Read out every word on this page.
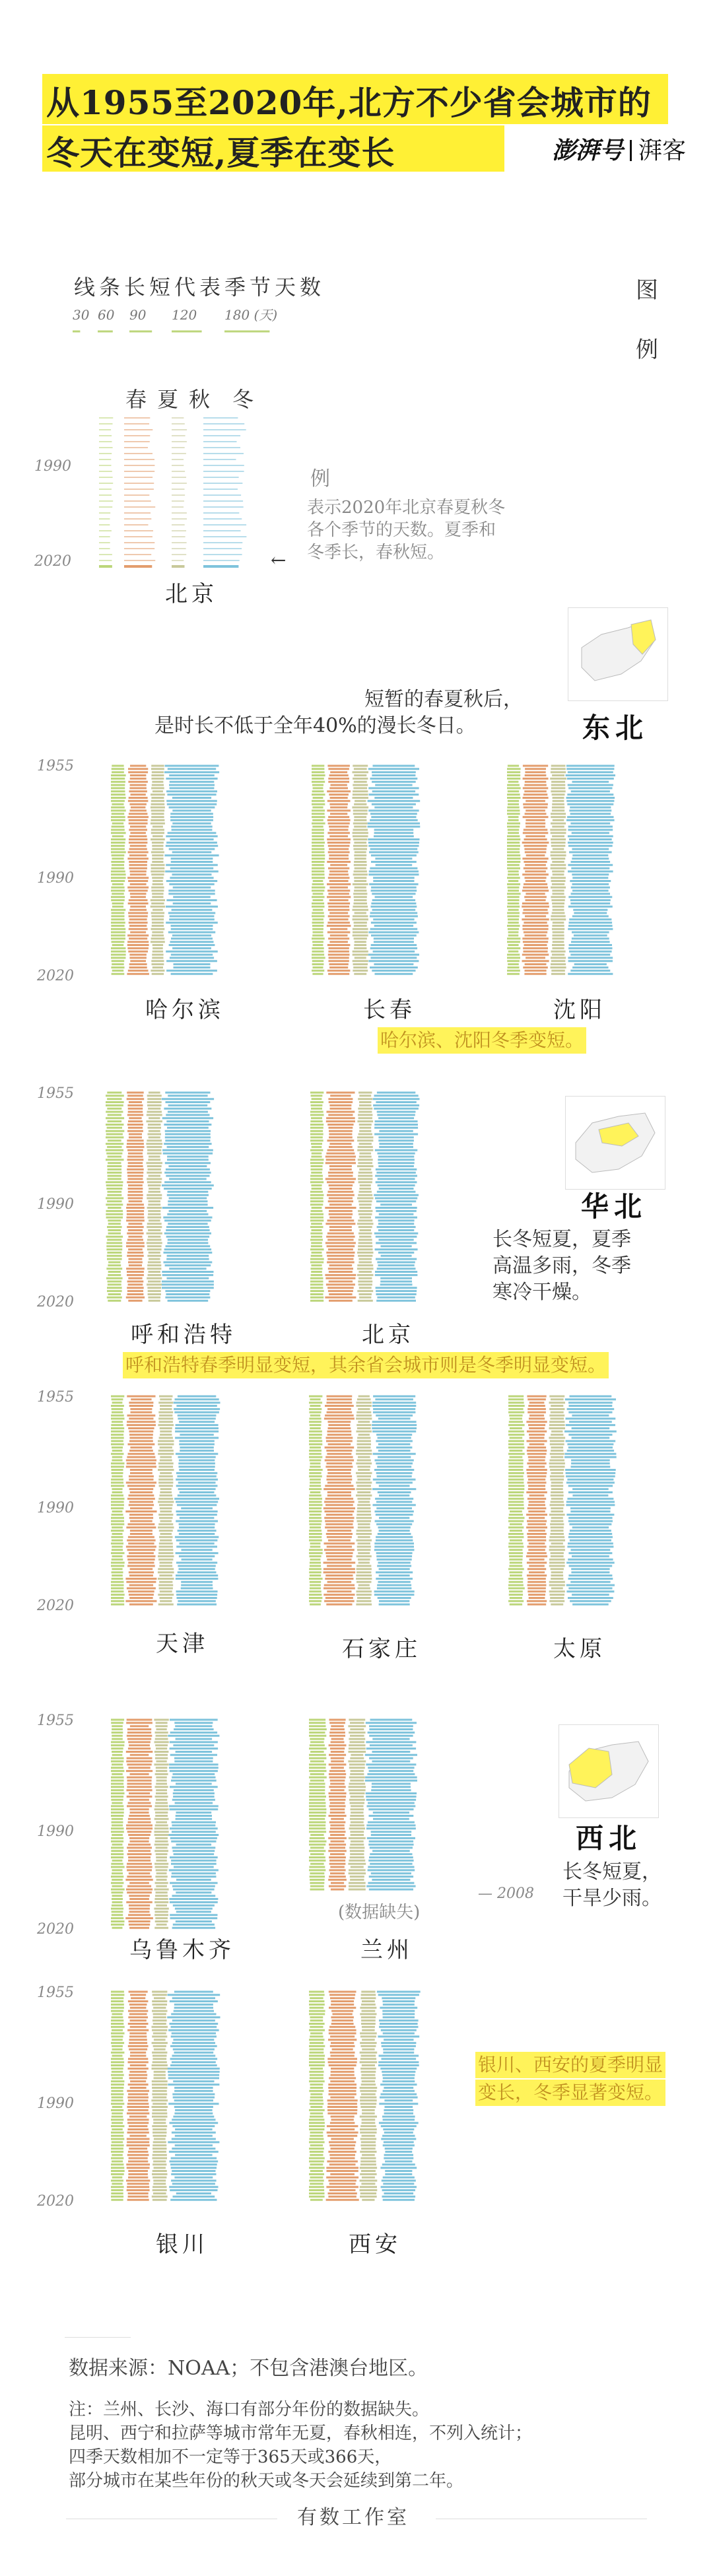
从1955至2020年,北方不少省会城市的
冬天在变短,夏季在变长	澎湃号 湃客
线条长短代表季节天数
30 60 90 120 180 (天)
图
例
春 夏 秋 冬
1990
2020	←
例
表示2020年北京春夏秋冬
各个季节的天数。夏季和
冬季长，春秋短。
北京
东北
短暂的春夏秋后，
是时长不低于全年40%的漫长冬日。
1955
1990
2020
哈尔滨	长春	沈阳
哈尔滨、沈阳冬季变短。
1955
1990
2020
华北
长冬短夏，夏季
高温多雨，冬季
寒冷干燥。
呼和浩特	北京
呼和浩特春季明显变短，其余省会城市则是冬季明显变短。
1955
1990
2020
天津	石家庄	太原
1955
1990
2020
— 2008
西北
长冬短夏，
干旱少雨。
(数据缺失)
乌鲁木齐	兰州
1955
1990
2020
银川、西安的夏季明显
变长，冬季显著变短。
银川	西安
数据来源：NOAA；不包含港澳台地区。
注：兰州、长沙、海口有部分年份的数据缺失。
昆明、西宁和拉萨等城市常年无夏，春秋相连，不列入统计；
四季天数相加不一定等于365天或366天，
部分城市在某些年份的秋天或冬天会延续到第二年。
有数工作室
